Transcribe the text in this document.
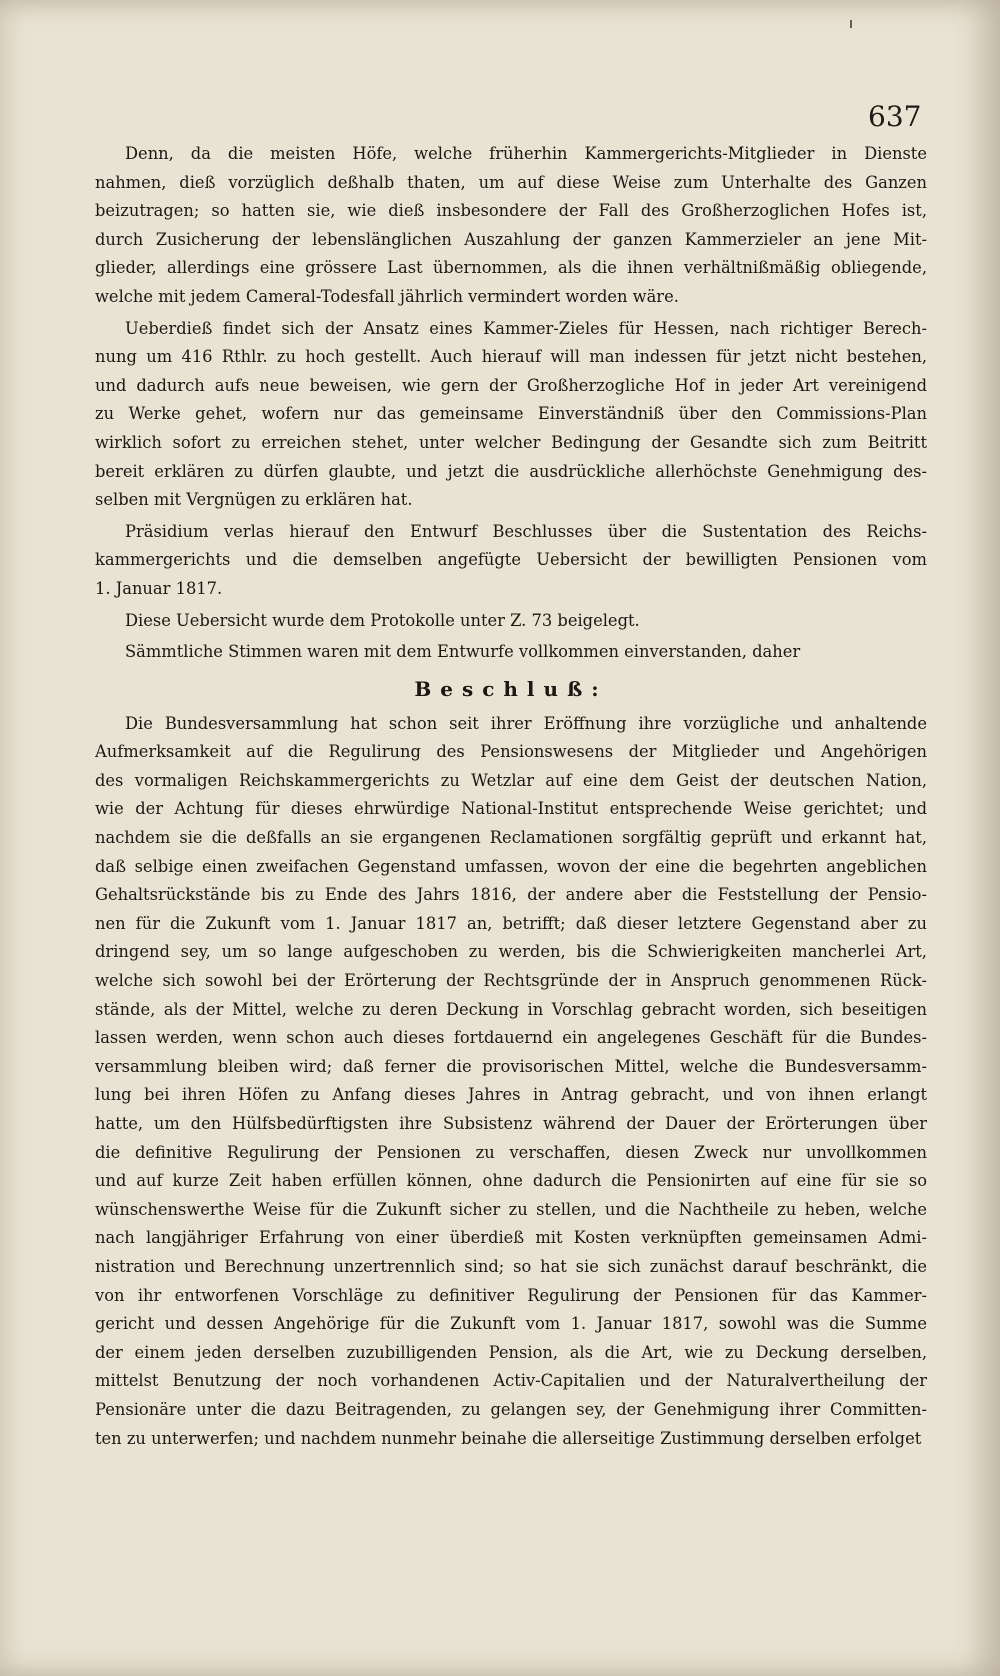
637
Denn, da die meisten Höfe, welche früherhin Kammergerichts-Mitglieder in Dienste
nahmen, dieß vorzüglich deßhalb thaten, um auf diese Weise zum Unterhalte des Ganzen
beizutragen; so hatten sie, wie dieß insbesondere der Fall des Großherzoglichen Hofes ist,
durch Zusicherung der lebenslänglichen Auszahlung der ganzen Kammerzieler an jene Mit-
glieder, allerdings eine grössere Last übernommen, als die ihnen verhältnißmäßig obliegende,
welche mit jedem Cameral-Todesfall jährlich vermindert worden wäre.
Ueberdieß findet sich der Ansatz eines Kammer-Zieles für Hessen, nach richtiger Berech-
nung um 416 Rthlr. zu hoch gestellt. Auch hierauf will man indessen für jetzt nicht bestehen,
und dadurch aufs neue beweisen, wie gern der Großherzogliche Hof in jeder Art vereinigend
zu Werke gehet, wofern nur das gemeinsame Einverständniß über den Commissions-Plan
wirklich sofort zu erreichen stehet, unter welcher Bedingung der Gesandte sich zum Beitritt
bereit erklären zu dürfen glaubte, und jetzt die ausdrückliche allerhöchste Genehmigung des-
selben mit Vergnügen zu erklären hat.
Präsidium verlas hierauf den Entwurf Beschlusses über die Sustentation des Reichs-
kammergerichts und die demselben angefügte Uebersicht der bewilligten Pensionen vom
1. Januar 1817.
Diese Uebersicht wurde dem Protokolle unter Z. 73 beigelegt.
Sämmtliche Stimmen waren mit dem Entwurfe vollkommen einverstanden, daher
Beschluß:
Die Bundesversammlung hat schon seit ihrer Eröffnung ihre vorzügliche und anhaltende
Aufmerksamkeit auf die Regulirung des Pensionswesens der Mitglieder und Angehörigen
des vormaligen Reichskammergerichts zu Wetzlar auf eine dem Geist der deutschen Nation,
wie der Achtung für dieses ehrwürdige National-Institut entsprechende Weise gerichtet; und
nachdem sie die deßfalls an sie ergangenen Reclamationen sorgfältig geprüft und erkannt hat,
daß selbige einen zweifachen Gegenstand umfassen, wovon der eine die begehrten angeblichen
Gehaltsrückstände bis zu Ende des Jahrs 1816, der andere aber die Feststellung der Pensio-
nen für die Zukunft vom 1. Januar 1817 an, betrifft; daß dieser letztere Gegenstand aber zu
dringend sey, um so lange aufgeschoben zu werden, bis die Schwierigkeiten mancherlei Art,
welche sich sowohl bei der Erörterung der Rechtsgründe der in Anspruch genommenen Rück-
stände, als der Mittel, welche zu deren Deckung in Vorschlag gebracht worden, sich beseitigen
lassen werden, wenn schon auch dieses fortdauernd ein angelegenes Geschäft für die Bundes-
versammlung bleiben wird; daß ferner die provisorischen Mittel, welche die Bundesversamm-
lung bei ihren Höfen zu Anfang dieses Jahres in Antrag gebracht, und von ihnen erlangt
hatte, um den Hülfsbedürftigsten ihre Subsistenz während der Dauer der Erörterungen über
die definitive Regulirung der Pensionen zu verschaffen, diesen Zweck nur unvollkommen
und auf kurze Zeit haben erfüllen können, ohne dadurch die Pensionirten auf eine für sie so
wünschenswerthe Weise für die Zukunft sicher zu stellen, und die Nachtheile zu heben, welche
nach langjähriger Erfahrung von einer überdieß mit Kosten verknüpften gemeinsamen Admi-
nistration und Berechnung unzertrennlich sind; so hat sie sich zunächst darauf beschränkt, die
von ihr entworfenen Vorschläge zu definitiver Regulirung der Pensionen für das Kammer-
gericht und dessen Angehörige für die Zukunft vom 1. Januar 1817, sowohl was die Summe
der einem jeden derselben zuzubilligenden Pension, als die Art, wie zu Deckung derselben,
mittelst Benutzung der noch vorhandenen Activ-Capitalien und der Naturalvertheilung der
Pensionäre unter die dazu Beitragenden, zu gelangen sey, der Genehmigung ihrer Committen-
ten zu unterwerfen; und nachdem nunmehr beinahe die allerseitige Zustimmung derselben erfolget
